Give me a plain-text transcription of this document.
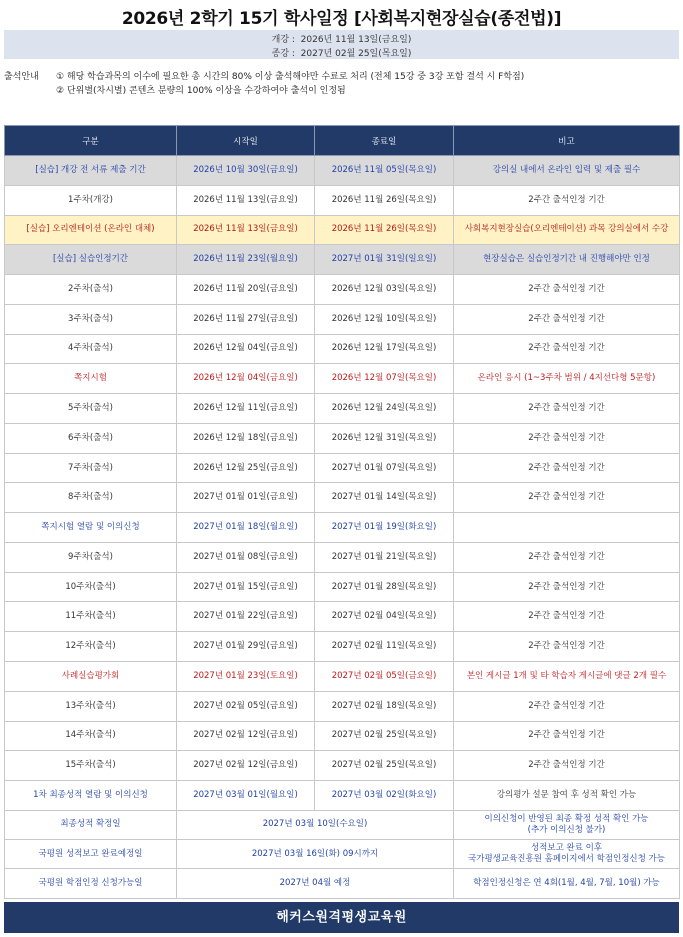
2026년 2학기 15기 학사일정 [사회복지현장실습(종전법)]
개강 : 2026년 11월 13일(금요일)
종강 : 2027년 02월 25일(목요일)
출석안내	① 해당 학습과목의 이수에 필요한 총 시간의 80% 이상 출석해야만 수료로 처리 (전체 15강 중 3강 포함 결석 시 F학점)
② 단위별(차시별) 콘텐츠 분량의 100% 이상을 수강하여야 출석이 인정됨
구분	시작일	종료일	비고
[실습] 개강 전 서류 제출 기간	2026년 10월 30일(금요일)	2026년 11월 05일(목요일)	강의실 내에서 온라인 입력 및 제출 필수
1주차(개강)	2026년 11월 13일(금요일)	2026년 11월 26일(목요일)	2주간 출석인정 기간
[실습] 오리엔테이션 (온라인 대체)	2026년 11월 13일(금요일)	2026년 11월 26일(목요일)	사회복지현장실습(오리엔테이션) 과목 강의실에서 수강
[실습] 실습인정기간	2026년 11월 23일(월요일)	2027년 01월 31일(일요일)	현장실습은 실습인정기간 내 진행해야만 인정
2주차(출석)	2026년 11월 20일(금요일)	2026년 12월 03일(목요일)	2주간 출석인정 기간
3주차(출석)	2026년 11월 27일(금요일)	2026년 12월 10일(목요일)	2주간 출석인정 기간
4주차(출석)	2026년 12월 04일(금요일)	2026년 12월 17일(목요일)	2주간 출석인정 기간
쪽지시험	2026년 12월 04일(금요일)	2026년 12월 07일(목요일)	온라인 응시 (1~3주차 범위 / 4지선다형 5문항)
5주차(출석)	2026년 12월 11일(금요일)	2026년 12월 24일(목요일)	2주간 출석인정 기간
6주차(출석)	2026년 12월 18일(금요일)	2026년 12월 31일(목요일)	2주간 출석인정 기간
7주차(출석)	2026년 12월 25일(금요일)	2027년 01월 07일(목요일)	2주간 출석인정 기간
8주차(출석)	2027년 01월 01일(금요일)	2027년 01월 14일(목요일)	2주간 출석인정 기간
쪽지시험 열람 및 이의신청	2027년 01월 18일(월요일)	2027년 01월 19일(화요일)	
9주차(출석)	2027년 01월 08일(금요일)	2027년 01월 21일(목요일)	2주간 출석인정 기간
10주차(출석)	2027년 01월 15일(금요일)	2027년 01월 28일(목요일)	2주간 출석인정 기간
11주차(출석)	2027년 01월 22일(금요일)	2027년 02월 04일(목요일)	2주간 출석인정 기간
12주차(출석)	2027년 01월 29일(금요일)	2027년 02월 11일(목요일)	2주간 출석인정 기간
사례실습평가회	2027년 01월 23일(토요일)	2027년 02월 05일(금요일)	본인 게시글 1개 및 타 학습자 게시글에 댓글 2개 필수
13주차(출석)	2027년 02월 05일(금요일)	2027년 02월 18일(목요일)	2주간 출석인정 기간
14주차(출석)	2027년 02월 12일(금요일)	2027년 02월 25일(목요일)	2주간 출석인정 기간
15주차(출석)	2027년 02월 12일(금요일)	2027년 02월 25일(목요일)	2주간 출석인정 기간
1차 최종성적 열람 및 이의신청	2027년 03월 01일(월요일)	2027년 03월 02일(화요일)	강의평가 설문 참여 후 성적 확인 가능
최종성적 확정일	2027년 03월 10일(수요일)		이의신청이 반영된 최종 확정 성적 확인 가능
(추가 이의신청 불가)
국평원 성적보고 완료예정일	2027년 03월 16일(화) 09시까지		성적보고 완료 이후
국가평생교육진흥원 홈페이지에서 학점인정신청 가능
국평원 학점인정 신청가능일	2027년 04월 예정		학점인정신청은 연 4회(1월, 4월, 7월, 10월) 가능
해커스원격평생교육원
